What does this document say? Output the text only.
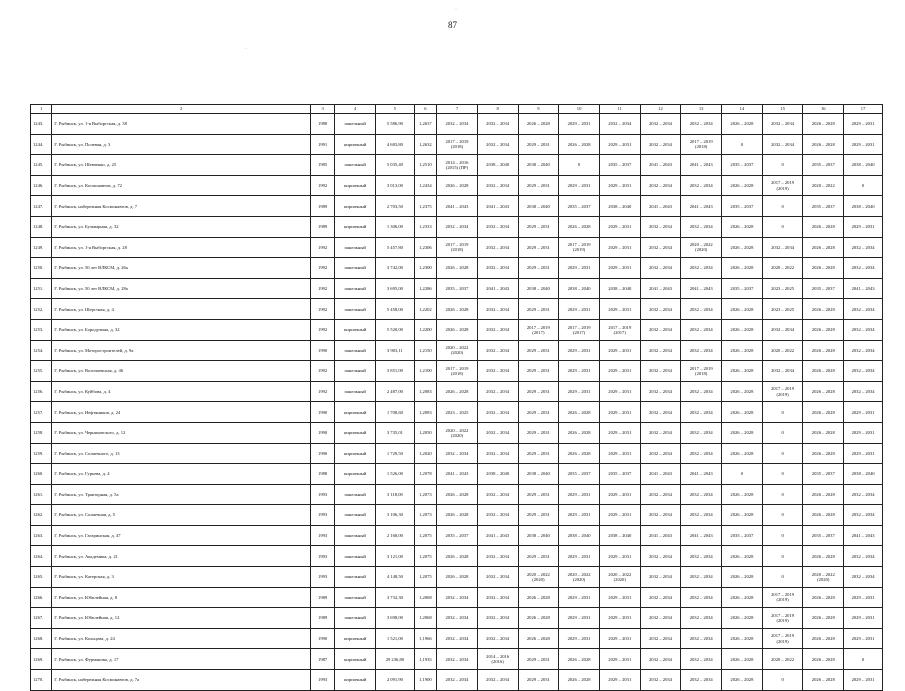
87
·
·
1	2	3	4	5	6	7	8	9	10	11	12	13	14	15	16	17
1243.	Г. Рыбинск, ул. 1-я Выборгская, д. 38	1988	панельный	5 586,90	1,2637	2032 – 2034	2032 – 2034	2026 – 2028	2029 – 2031	2032 – 2034	2032 – 2034	2032 – 2034	2026 – 2028	2032 – 2034	2026 – 2028	2029 – 2031
1244.	Г. Рыбинск, ул. Полевая, д. 3	1991	кирпичный	4 683,80	1,2632	2017 – 2019 (2018)	2032 – 2034	2029 – 2031	2026 – 2028	2029 – 2031	2032 – 2034	2017 – 2019 (2018)	0	2032 – 2034	2026 – 2028	2029 – 2031
1245.	Г. Рыбинск, ул. Шевченко, д. 25	1985	панельный	5 035,40	1,2510	2014 – 2016 (2015) (ПР)	2038 – 2040	2038 – 2040	0	2035 – 2037	2041 – 2043	2041 – 2043	2035 – 2037	0	2035 – 2037	2038 – 2040
1246.	Г. Рыбинск, ул. Космонавтов, д. 72	1992	кирпичный	3 013,00	1,2434	2026 – 2028	2032 – 2034	2029 – 2031	2029 – 2031	2029 – 2031	2032 – 2034	2032 – 2034	2026 – 2028	2017 – 2019 (2019)	2020 – 2022	0
1247.	Г. Рыбинск, набережная Космонавтов, д. 7	1989	кирпичный	2 703,50	1,2375	2041 – 2043	2041 – 2043	2038 – 2040	2035 – 2037	2038 – 2040	2041 – 2043	2041 – 2043	2035 – 2037	0	2035 – 2037	2038 – 2040
1248.	Г. Рыбинск, ул. Бульварная, д. 32	1989	кирпичный	1 306,00	1,2333	2032 – 2034	2032 – 2034	2029 – 2031	2026 – 2028	2029 – 2031	2032 – 2034	2032 – 2034	2026 – 2028	0	2026 – 2028	2029 – 2031
1249.	Г. Рыбинск, ул. 1-я Выборгская, д. 28	1992	панельный	5 457,80	1,2306	2017 – 2019 (2018)	2032 – 2034	2029 – 2031	2017 – 2019 (2019)	2029 – 2031	2032 – 2034	2020 – 2022 (2020)	2026 – 2028	2032 – 2034	2026 – 2028	2032 – 2034
1250.	Г. Рыбинск, ул. 50 лет ВЛКСМ, д. 26а	1992	панельный	3 742,00	1,2300	2026 – 2028	2032 – 2034	2029 – 2031	2029 – 2031	2029 – 2031	2032 – 2034	2032 – 2034	2026 – 2028	2020 – 2022	2026 – 2028	2032 – 2034
1251.	Г. Рыбинск, ул. 50 лет ВЛКСМ, д. 28а	1992	панельный	3 695,00	1,2286	2035 – 2037	2041 – 2043	2038 – 2040	2038 – 2040	2038 – 2040	2041 – 2043	2041 – 2043	2035 – 2037	2023 – 2025	2035 – 2037	2041 – 2043
1252.	Г. Рыбинск, ул. Шерстная, д. 4	1992	панельный	5 458,00	1,2202	2026 – 2028	2032 – 2034	2029 – 2031	2029 – 2031	2029 – 2031	2032 – 2034	2032 – 2034	2026 – 2028	2023 – 2025	2026 – 2028	2032 – 2034
1253.	Г. Рыбинск, ул. Бородулина, д. 32	1992	кирпичный	5 520,00	1,2200	2026 – 2028	2032 – 2034	2017 – 2019 (2017)	2017 – 2019 (2017)	2017 – 2019 (2017)	2032 – 2034	2032 – 2034	2026 – 2028	2032 – 2034	2026 – 2028	2032 – 2034
1254.	Г. Рыбинск, ул. Моторостроителей, д. 9а	1990	панельный	3 983,11	1,2150	2020 – 2022 (2020)	2032 – 2034	2029 – 2031	2029 – 2031	2029 – 2031	2032 – 2034	2032 – 2034	2026 – 2028	2020 – 2022	2026 – 2028	2032 – 2034
1255.	Г. Рыбинск, ул. Волочаевская, д. 46	1992	панельный	3 851,00	1,2100	2017 – 2019 (2018)	2032 – 2034	2029 – 2031	2029 – 2031	2029 – 2031	2032 – 2034	2017 – 2019 (2018)	2026 – 2028	2032 – 2034	2026 – 2028	2032 – 2034
1256.	Г. Рыбинск, ул. Куйбова, д. 4	1992	панельный	2 487,00	1,2083	2026 – 2028	2032 – 2034	2029 – 2031	2029 – 2031	2029 – 2031	2032 – 2034	2032 – 2034	2026 – 2028	2017 – 2019 (2019)	2026 – 2028	2032 – 2034
1257.	Г. Рыбинск, ул. Нефтяников, д. 24	1990	кирпичный	1 708,60	1,2083	2023 – 2025	2032 – 2034	2029 – 2031	2026 – 2028	2029 – 2031	2032 – 2034	2032 – 2034	2026 – 2028	0	2026 – 2028	2029 – 2031
1258.	Г. Рыбинск, ул. Черняховского, д. 12	1990	кирпичный	3 735,01	1,2050	2020 – 2022 (2020)	2032 – 2034	2029 – 2031	2026 – 2028	2029 – 2031	2032 – 2034	2032 – 2034	2026 – 2028	0	2026 – 2028	2029 – 2031
1259.	Г. Рыбинск, ул. Солнечного, д. 13	1990	кирпичный	1 729,50	1,2020	2032 – 2034	2032 – 2034	2029 – 2031	2026 – 2028	2029 – 2031	2032 – 2034	2032 – 2034	2026 – 2028	0	2026 – 2028	2029 – 2031
1260.	Г. Рыбинск, ул. Гурьева, д. 4	1988	кирпичный	1 526,00	1,2078	2041 – 2043	2038 – 2040	2038 – 2040	2035 – 2037	2035 – 2037	2041 – 2043	2041 – 2043	0	0	2035 – 2037	2038 – 2040
1261.	Г. Рыбинск, ул. Тракторная, д. 5а	1993	панельный	3 118,00	1,2073	2026 – 2028	2032 – 2034	2029 – 2031	2029 – 2031	2029 – 2031	2032 – 2034	2032 – 2034	2026 – 2028	0	2026 – 2028	2032 – 2034
1262.	Г. Рыбинск, ул. Солнечная, д. 5	1993	панельный	3 106,30	1,2073	2026 – 2028	2032 – 2034	2029 – 2031	2029 – 2031	2029 – 2031	2032 – 2034	2032 – 2034	2026 – 2028	0	2026 – 2028	2032 – 2034
1263.	Г. Рыбинск, ул. Гагаринская, д. 47	1993	панельный	2 168,00	1,2075	2035 – 2037	2041 – 2043	2038 – 2040	2038 – 2040	2038 – 2040	2041 – 2043	2041 – 2043	2035 – 2037	0	2035 – 2037	2041 – 2043
1264.	Г. Рыбинск, ул. Академика, д. 21	1993	панельный	3 121,00	1,2075	2026 – 2028	2032 – 2034	2029 – 2031	2029 – 2031	2029 – 2031	2032 – 2034	2032 – 2034	2026 – 2028	0	2026 – 2028	2032 – 2034
1265.	Г. Рыбинск, ул. Катерская, д. 3	1993	панельный	4 148,50	1,2075	2026 – 2028	2032 – 2034	2020 – 2022 (2020)	2020 – 2022 (2020)	2020 – 2022 (2020)	2032 – 2034	2032 – 2034	2026 – 2028	0	2020 – 2022 (2020)	2032 – 2034
1266.	Г. Рыбинск, ул. Юбилейная, д. 8	1989	панельный	3 732,30	1,2068	2032 – 2034	2032 – 2034	2026 – 2028	2029 – 2031	2029 – 2031	2032 – 2034	2032 – 2034	2026 – 2028	2017 – 2019 (2019)	2026 – 2028	2029 – 2031
1267.	Г. Рыбинск, ул. Юбилейная, д. 12	1989	панельный	3 698,00	1,2068	2032 – 2034	2032 – 2034	2026 – 2028	2029 – 2031	2029 – 2031	2032 – 2034	2032 – 2034	2026 – 2028	2017 – 2019 (2019)	2026 – 2028	2029 – 2031
1268.	Г. Рыбинск, ул. Кольцова, д. 24	1990	кирпичный	1 521,00	1,1966	2032 – 2034	2032 – 2034	2026 – 2028	2029 – 2031	2029 – 2031	2032 – 2034	2032 – 2034	2026 – 2028	2017 – 2019 (2019)	2026 – 2028	2029 – 2031
1269.	Г. Рыбинск, ул. Фурманова, д. 17	1987	кирпичный	29 236,80	1,1935	2032 – 2034	2014 – 2016 (2016)	2029 – 2031	2026 – 2028	2029 – 2031	2032 – 2034	2032 – 2034	2026 – 2028	2020 – 2022	2026 – 2028	0
1270.	Г. Рыбинск, набережная Космонавтов, д. 7а	1993	кирпичный	2 091,90	1,1900	2032 – 2034	2032 – 2034	2029 – 2031	2026 – 2028	2029 – 2031	2032 – 2034	2032 – 2034	2026 – 2028	0	2026 – 2028	2029 – 2031
